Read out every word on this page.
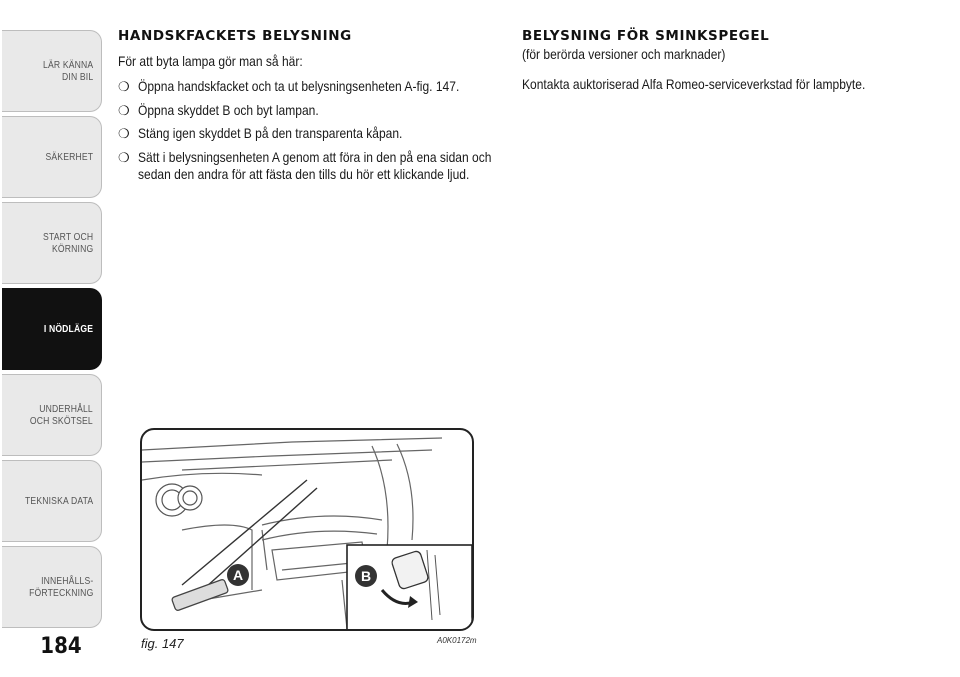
LÄR KÄNNA
DIN BIL
SÄKERHET
START OCH
KÖRNING
I NÖDLÄGE
UNDERHÅLL
OCH SKÖTSEL
TEKNISKA DATA
INNEHÅLLS-
FÖRTECKNING
184
HANDSKFACKETS BELYSNING

För att byta lampa gör man så här:

❍ Öppna handskfacket och ta ut belysningsenheten A-fig. 147.
❍ Öppna skyddet B och byt lampan.
❍ Stäng igen skyddet B på den transparenta kåpan.
❍ Sätt i belysningsenheten A genom att föra in den på ena sidan och sedan den andra för att fästa den tills du hör ett klickande ljud.
BELYSNING FÖR SMINKSPEGEL

(för berörda versioner och marknader)

Kontakta auktoriserad Alfa Romeo-serviceverkstad för lampbyte.

A	B
fig. 147	A0K0172m
